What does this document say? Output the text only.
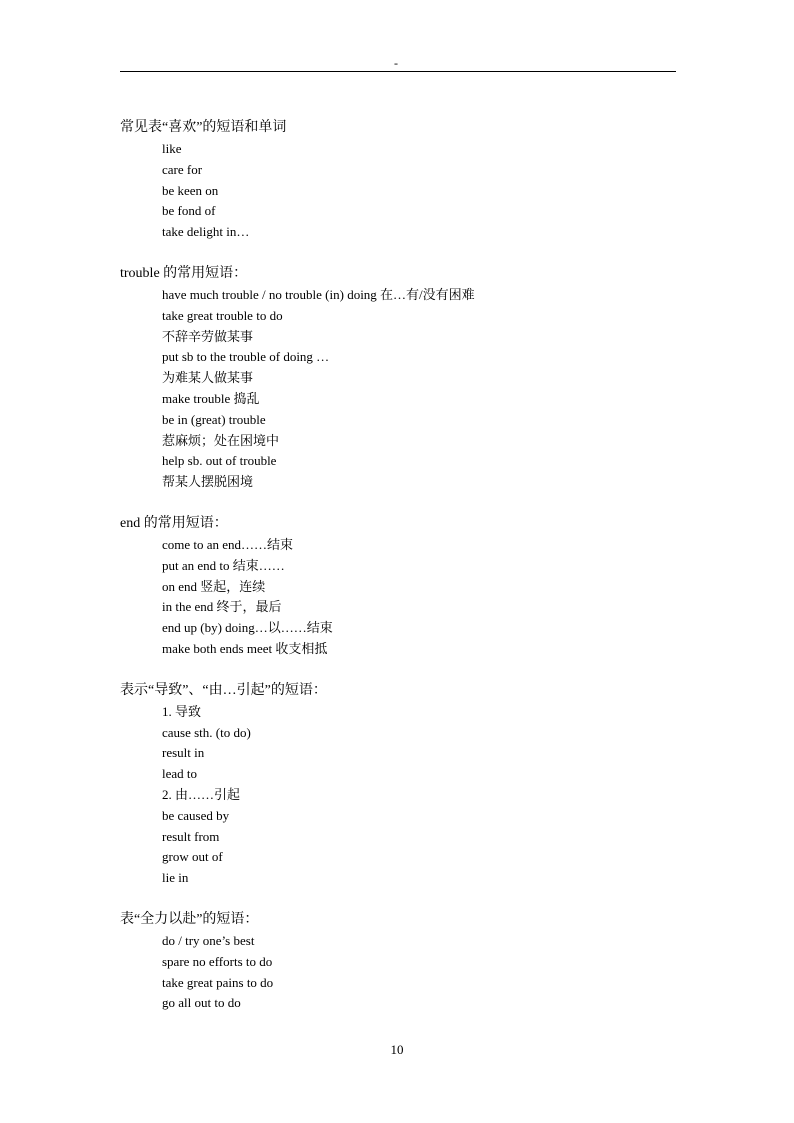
-
常见表“喜欢”的短语和单词
like
care for
be keen on
be fond of
take delight in…
trouble 的常用短语：
have much trouble / no trouble (in) doing 在…有/没有困难
take great trouble to do
不辞辛劳做某事
put sb to the trouble of doing …
为难某人做某事
make trouble 捣乱
be in (great) trouble
惹麻烦；处在困境中
help sb. out of trouble
帮某人摆脱困境
end 的常用短语：
come to an end……结束
put an end to 结束……
on end 竖起，连续
in the end 终于，最后
end up (by) doing…以……结束
make both ends meet 收支相抵
表示“导致”、“由…引起”的短语：
1. 导致
cause sth. (to do)
result in
lead to
2. 由……引起
be caused by
result from
grow out of
lie in
表“全力以赴”的短语：
do / try one’s best
spare no efforts to do
take great pains to do
go all out to do
10
